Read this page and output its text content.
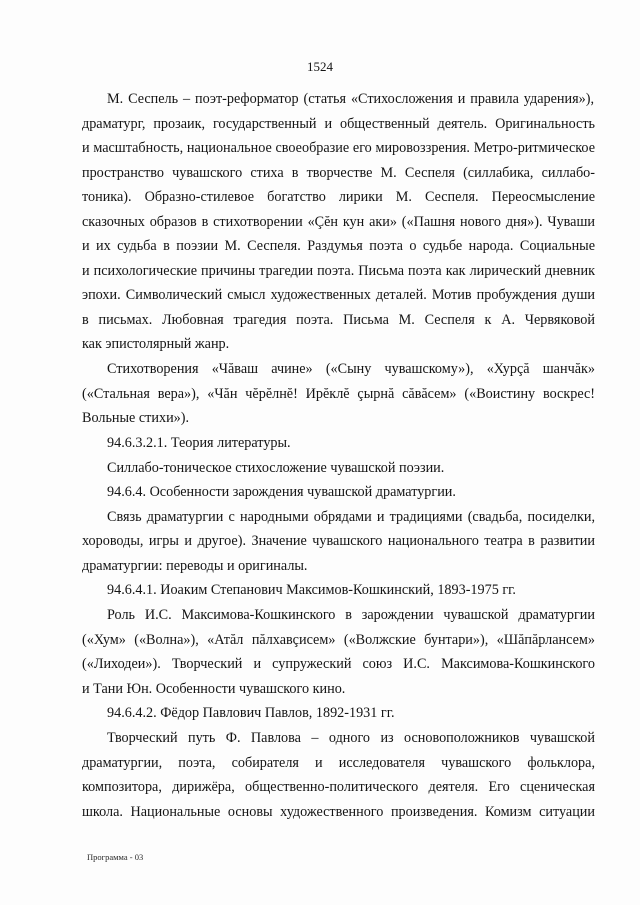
1524
М. Сеспель – поэт-реформатор (статья «Стихосложения и правила ударения»),
драматург, прозаик, государственный и общественный деятель. Оригинальность
и масштабность, национальное своеобразие его мировоззрения. Метро-ритмическое
пространство чувашского стиха в творчестве М. Сеспеля (силлабика, силлабо-
тоника). Образно-стилевое богатство лирики М. Сеспеля. Переосмысление
сказочных образов в стихотворении «Çĕн кун аки» («Пашня нового дня»). Чуваши
и их судьба в поэзии М. Сеспеля. Раздумья поэта о судьбе народа. Социальные
и психологические причины трагедии поэта. Письма поэта как лирический дневник
эпохи. Символический смысл художественных деталей. Мотив пробуждения души
в письмах. Любовная трагедия поэта. Письма М. Сеспеля к А. Червяковой
как эпистолярный жанр.
Стихотворения «Чăваш ачине» («Сыну чувашскому»), «Хурçă шанчăк»
(«Стальная вера»), «Чăн чĕрĕлнĕ! Ирĕклĕ çырнă сăвăсем» («Воистину воскрес!
Вольные стихи»).
94.6.3.2.1. Теория литературы.
Силлабо-тоническое стихосложение чувашской поэзии.
94.6.4. Особенности зарождения чувашской драматургии.
Связь драматургии с народными обрядами и традициями (свадьба, посиделки,
хороводы, игры и другое). Значение чувашского национального театра в развитии
драматургии: переводы и оригиналы.
94.6.4.1. Иоаким Степанович Максимов-Кошкинский, 1893-1975 гг.
Роль И.С. Максимова-Кошкинского в зарождении чувашской драматургии
(«Хум» («Волна»), «Атăл пăлхавçисем» («Волжские бунтари»), «Шăпăрлансем»
(«Лиходеи»). Творческий и супружеский союз И.С. Максимова-Кошкинского
и Тани Юн. Особенности чувашского кино.
94.6.4.2. Фёдор Павлович Павлов, 1892-1931 гг.
Творческий путь Ф. Павлова – одного из основоположников чувашской
драматургии, поэта, собирателя и исследователя чувашского фольклора,
композитора, дирижёра, общественно-политического деятеля. Его сценическая
школа. Национальные основы художественного произведения. Комизм ситуации
Программа - 03
